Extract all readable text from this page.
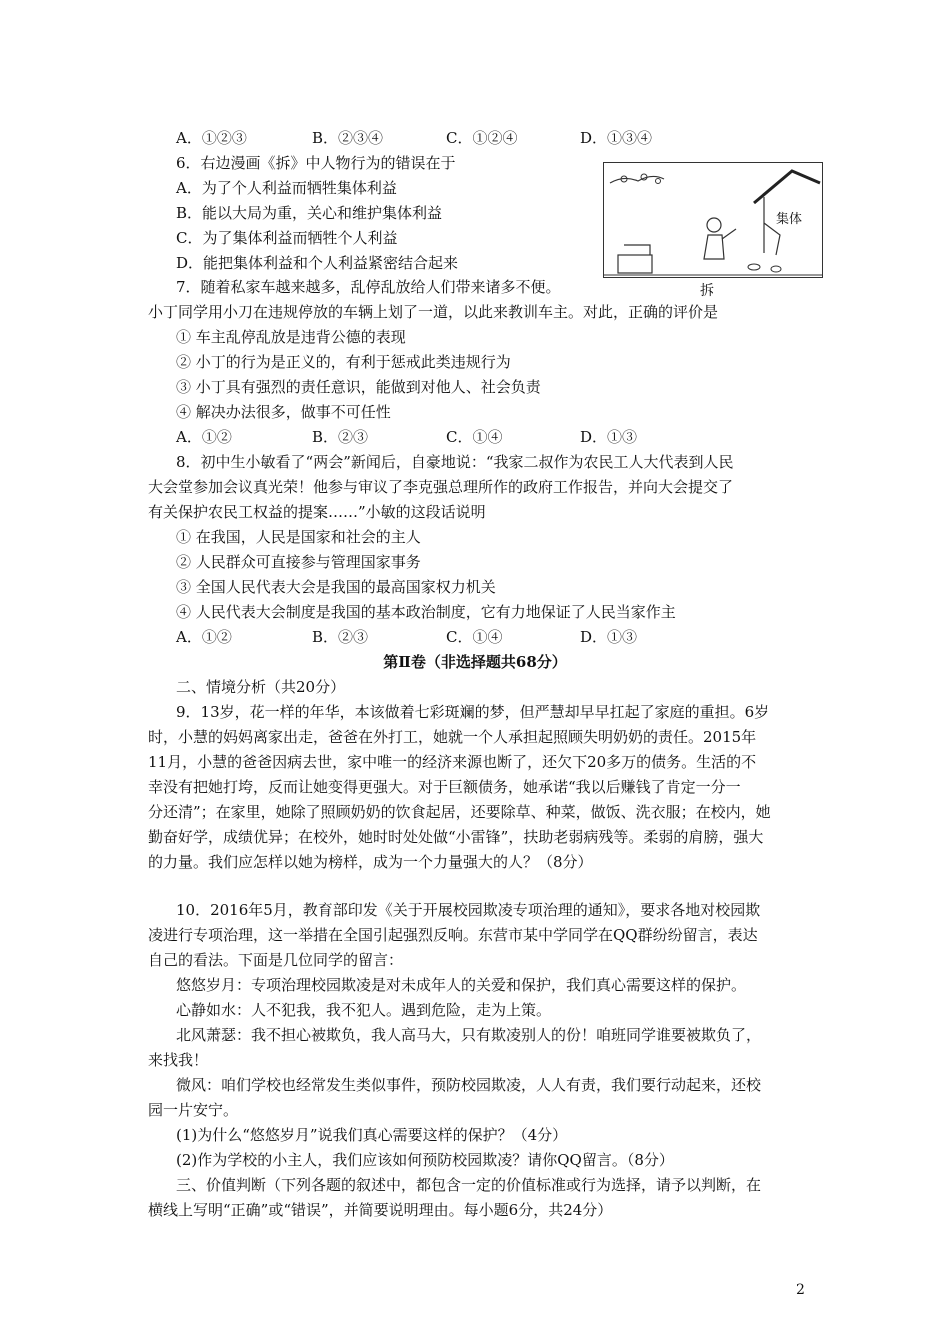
A．①②③	B．②③④	C．①②④	D．①③④
6．右边漫画《拆》中人物行为的错误在于
A．为了个人利益而牺牲集体利益
B．能以大局为重，关心和维护集体利益
C．为了集体利益而牺牲个人利益
D．能把集体利益和个人利益紧密结合起来
集体
拆
7．随着私家车越来越多，乱停乱放给人们带来诸多不便。
小丁同学用小刀在违规停放的车辆上划了一道，以此来教训车主。对此，正确的评价是
① 车主乱停乱放是违背公德的表现
② 小丁的行为是正义的，有利于惩戒此类违规行为
③ 小丁具有强烈的责任意识，能做到对他人、社会负责
④ 解决办法很多，做事不可任性
A．①②	B．②③	C．①④	D．①③
8．初中生小敏看了“两会”新闻后，自豪地说：“我家二叔作为农民工人大代表到人民
大会堂参加会议真光荣！他参与审议了李克强总理所作的政府工作报告，并向大会提交了
有关保护农民工权益的提案……”小敏的这段话说明
① 在我国，人民是国家和社会的主人
② 人民群众可直接参与管理国家事务
③ 全国人民代表大会是我国的最高国家权力机关
④ 人民代表大会制度是我国的基本政治制度，它有力地保证了人民当家作主
A．①②	B．②③	C．①④	D．①③
第Ⅱ卷（非选择题共68分）
二、情境分析（共20分）
9．13岁，花一样的年华，本该做着七彩斑斓的梦，但严慧却早早扛起了家庭的重担。6岁
时，小慧的妈妈离家出走，爸爸在外打工，她就一个人承担起照顾失明奶奶的责任。2015年
11月，小慧的爸爸因病去世，家中唯一的经济来源也断了，还欠下20多万的债务。生活的不
幸没有把她打垮，反而让她变得更强大。对于巨额债务，她承诺“我以后赚钱了肯定一分一
分还清”；在家里，她除了照顾奶奶的饮食起居，还要除草、种菜，做饭、洗衣服；在校内，她
勤奋好学，成绩优异；在校外，她时时处处做“小雷锋”，扶助老弱病残等。柔弱的肩膀，强大
的力量。我们应怎样以她为榜样，成为一个力量强大的人？（8分）
10．2016年5月，教育部印发《关于开展校园欺凌专项治理的通知》，要求各地对校园欺
凌进行专项治理，这一举措在全国引起强烈反响。东营市某中学同学在QQ群纷纷留言，表达
自己的看法。下面是几位同学的留言：
悠悠岁月：专项治理校园欺凌是对未成年人的关爱和保护，我们真心需要这样的保护。
心静如水：人不犯我，我不犯人。遇到危险，走为上策。
北风萧瑟：我不担心被欺负，我人高马大，只有欺凌别人的份！咱班同学谁要被欺负了，
来找我！
微风：咱们学校也经常发生类似事件，预防校园欺凌，人人有责，我们要行动起来，还校
园一片安宁。
(1)为什么“悠悠岁月”说我们真心需要这样的保护？（4分）
(2)作为学校的小主人，我们应该如何预防校园欺凌？请你QQ留言。（8分）
三、价值判断（下列各题的叙述中，都包含一定的价值标准或行为选择，请予以判断，在
横线上写明“正确”或“错误”，并简要说明理由。每小题6分，共24分）
2
